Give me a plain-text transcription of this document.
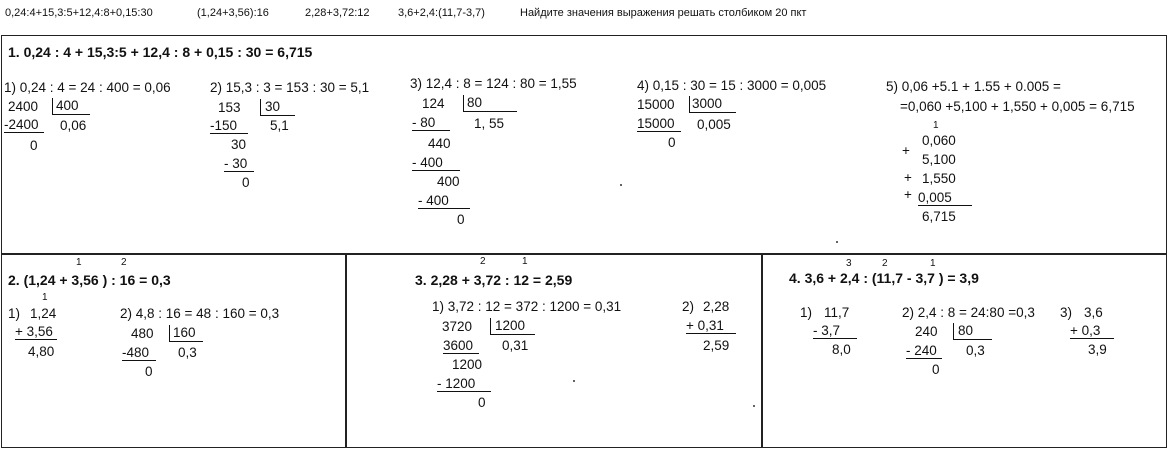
0,24:4+15,3:5+12,4:8+0,15:30	(1,24+3,56):16	2,28+3,72:12	3,6+2,4:(11,7-3,7)	Найдите значения выражения решать столбиком 20 пкт
1. 0,24 : 4 + 15,3:5 + 12,4 : 8 + 0,15 : 30 = 6,715
1) 0,24 : 4 = 24 : 400 = 0,06
2400 400
-2400	0,06
0
2) 15,3 : 3 = 153 : 30 = 5,1
153	30
-150	5,1
30
- 30
0
3) 12,4 : 8 = 124 : 80 = 1,55
124 80
- 80	1, 55
440
- 400
400
- 400
0
4) 0,15 : 30 = 15 : 3000 = 0,005
15000 3000
15000	0,005
0
5) 0,06 +5.1 + 1.55 + 0.005 =
=0,060 +5,100 + 1,550 + 0,005 = 6,715
1
0,060
+
5,100
+ 1,550
+ 0,005
6,715
1	2
2. (1,24 + 3,56 ) : 16 = 0,3
1
1) 1,24
+ 3,56
4,80
2) 4,8 : 16 = 48 : 160 = 0,3
480 160
-480	0,3
0
2	1
3. 2,28 + 3,72 : 12 = 2,59
1) 3,72 : 12 = 372 : 1200 = 0,31
3720	1200
3600	0,31
1200
- 1200
0
2) 2,28
+ 0,31
2,59
3	2	1
4. 3,6 + 2,4 : (11,7 - 3,7 ) = 3,9
1) 11,7
- 3,7
8,0
2) 2,4 : 8 = 24:80 =0,3
240	80
- 240	0,3
0
3) 3,6
+ 0,3
3,9
